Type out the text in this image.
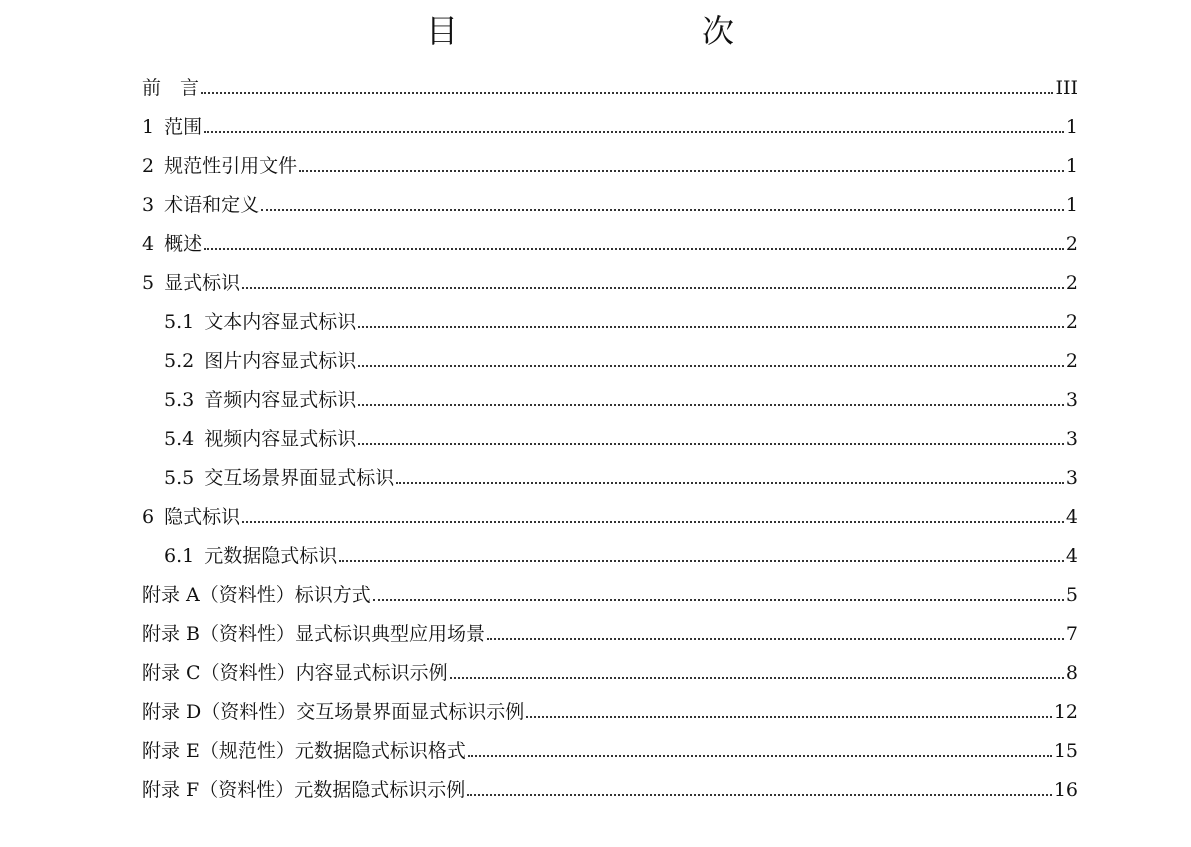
目　　次
前　言	III
1 范围	1
2 规范性引用文件	1
3 术语和定义	1
4 概述	2
5 显式标识	2
5.1 文本内容显式标识	2
5.2 图片内容显式标识	2
5.3 音频内容显式标识	3
5.4 视频内容显式标识	3
5.5 交互场景界面显式标识	3
6 隐式标识	4
6.1 元数据隐式标识	4
附录 A（资料性）标识方式	5
附录 B（资料性）显式标识典型应用场景	7
附录 C（资料性）内容显式标识示例	8
附录 D（资料性）交互场景界面显式标识示例	12
附录 E（规范性）元数据隐式标识格式	15
附录 F（资料性）元数据隐式标识示例	16
